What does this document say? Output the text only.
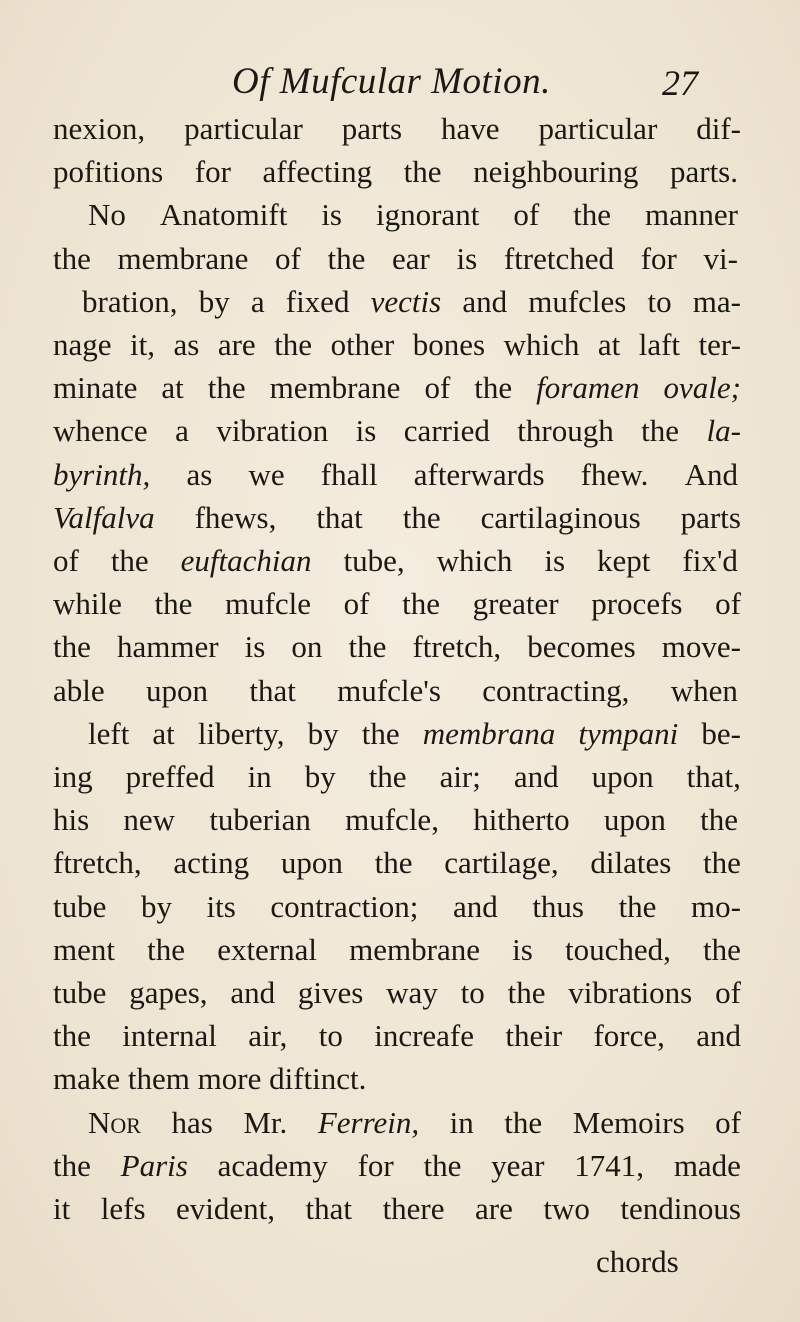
Of Mufcular Motion.	27
nexion, particular parts have particular dif-
pofitions for affecting the neighbouring parts.
No Anatomift is ignorant of the manner
the membrane of the ear is ftretched for vi-
bration, by a fixed vectis and mufcles to ma-
nage it, as are the other bones which at laft ter-
minate at the membrane of the foramen ovale;
whence a vibration is carried through the la-
byrinth, as we fhall afterwards fhew. And
Valfalva fhews, that the cartilaginous parts
of the euftachian tube, which is kept fix'd
while the mufcle of the greater procefs of
the hammer is on the ftretch, becomes move-
able upon that mufcle's contracting, when
left at liberty, by the membrana tympani be-
ing preffed in by the air; and upon that,
his new tuberian mufcle, hitherto upon the
ftretch, acting upon the cartilage, dilates the
tube by its contraction; and thus the mo-
ment the external membrane is touched, the
tube gapes, and gives way to the vibrations of
the internal air, to increafe their force, and
make
them
more
diftinct.
Nor has Mr. Ferrein, in the Memoirs of
the Paris academy for the year 1741, made
it lefs evident, that there are two tendinous
chords
